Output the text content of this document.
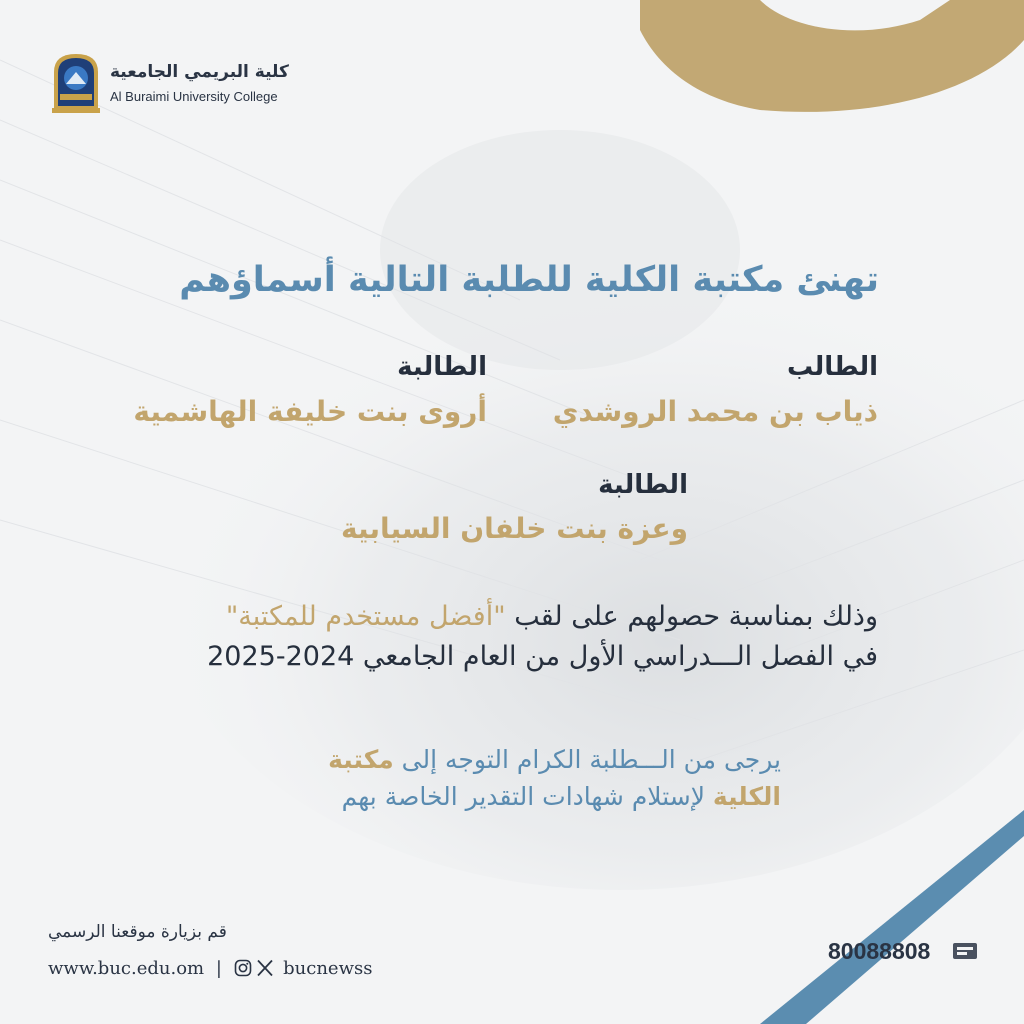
كلية البريمي الجامعية
Al Buraimi University College
تهنئ مكتبة الكلية للطلبة التالية أسماؤهم
الطالب
ذياب بن محمد الروشدي
الطالبة
أروى بنت خليفة الهاشمية
الطالبة
وعزة بنت خلفان السيابية
وذلك بمناسبة حصولهم على لقب "أفضل مستخدم للمكتبة"
في الفصل الـــدراسي الأول من العام الجامعي 2024-2025
يرجى من الـــطلبة الكرام التوجه إلى مكتبة
الكلية لإستلام شهادات التقدير الخاصة بهم
قم بزيارة موقعنا الرسمي
www.buc.edu.om |	bucnewss
80088808
